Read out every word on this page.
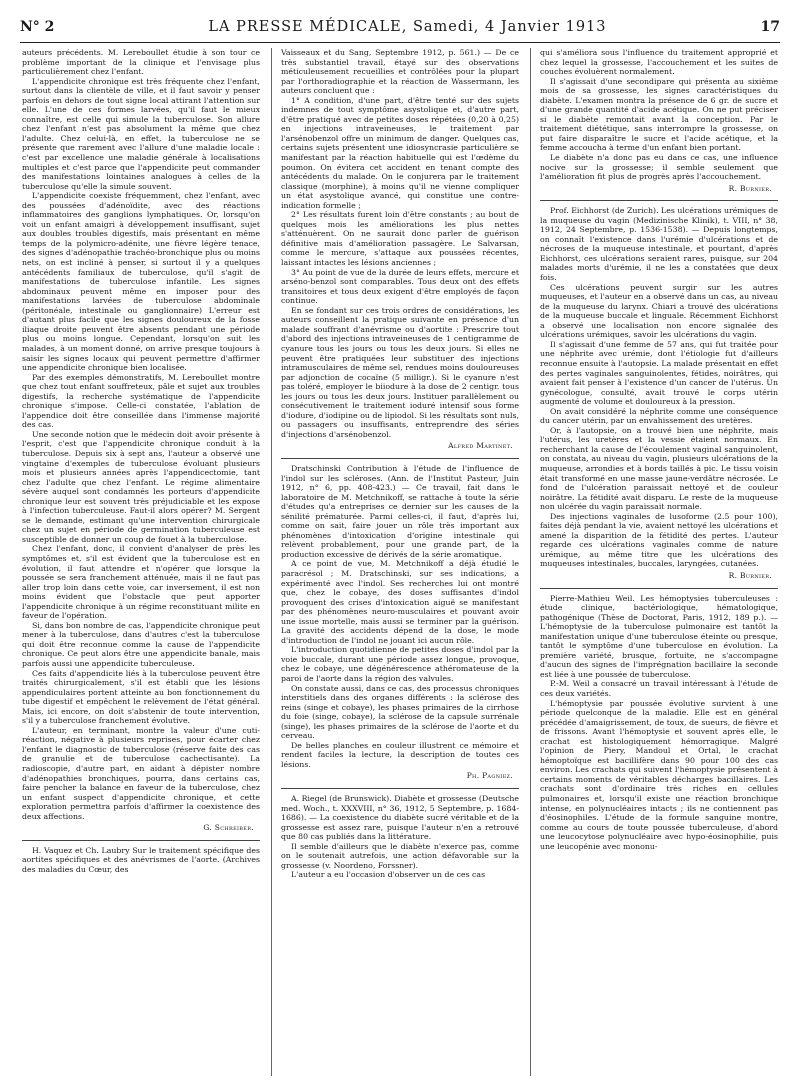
N° 2	LA PRESSE MÉDICALE, Samedi, 4 Janvier 1913	17

auteurs précédents. M. Lereboullet étudie à son tour ce problème important de la clinique et l'envisage plus particulièrement chez l'enfant.

L'appendicite chronique est très fréquente chez l'enfant, surtout dans la clientèle de ville, et il faut savoir y penser parfois en dehors de tout signe local attirant l'attention sur elle. L'une de ces formes larvées, qu'il faut le mieux connaître, est celle qui simule la tuberculose. Son allure chez l'enfant n'est pas absolument la même que chez l'adulte. Chez celui-là, en effet, la tuberculose ne se présente que rarement avec l'allure d'une maladie locale : c'est par excellence une maladie générale à localisations multiples et c'est parce que l'appendicite peut commander des manifestations lointaines analogues à celles de la tuberculose qu'elle la simule souvent.

L'appendicite coexiste fréquemment, chez l'enfant, avec des poussées d'adénoïdite, avec des réactions inflammatoires des ganglions lymphatiques. Or, lorsqu'on voit un enfant amaigri à développement insuffisant, sujet aux doubles troubles digestifs, mais présentant en même temps de la polymicro-adénite, une fièvre légère tenace, des signes d'adénopathie trachéo-bronchique plus ou moins nets, on est incliné à penser, si surtout il y a quelques antécédents familiaux de tuberculose, qu'il s'agit de manifestations de tuberculose infantile. Les signes abdominaux peuvent même en imposer pour des manifestations larvées de tuberculose abdominale (péritonéale, intestinale ou ganglionnaire) L'erreur est d'autant plus facile que les signes douloureux de la fosse iliaque droite peuvent être absents pendant une période plus ou moins longue. Cependant, lorsqu'on suit les malades, à un moment donné, on arrive presque toujours à saisir les signes locaux qui peuvent permettre d'affirmer une appendicite chronique bien localisée.

Par des exemples démonstratifs, M. Lereboullet montre que chez tout enfant souffreteux, pâle et sujet aux troubles digestifs, la recherche systématique de l'appendicite chronique s'impose. Celle-ci constatée, l'ablation de l'appendice doit être conseillée dans l'immense majorité des cas.

Une seconde notion que le médecin doit avoir présente à l'esprit, c'est que l'appendicite chronique conduit à la tuberculose. Depuis six à sept ans, l'auteur a observé une vingtaine d'exemples de tuberculose évoluant plusieurs mois et plusieurs années après l'appendicectomie, tant chez l'adulte que chez l'enfant. Le régime alimentaire sévère auquel sont condamnés les porteurs d'appendicite chronique leur est souvent très préjudiciable et les expose à l'infection tuberculeuse. Faut-il alors opérer? M. Sergent se le demande, estimant qu'une intervention chirurgicale chez un sujet en période de germination tuberculeuse est susceptible de donner un coup de fouet à la tuberculose.

Chez l'enfant, donc, il convient d'analyser de près les symptômes et, s'il est évident que la tuberculose est en évolution, il faut attendre et n'opérer que lorsque la poussée se sera franchement atténuée, mais il ne faut pas aller trop loin dans cette voie, car inversement, il est non moins évident que l'obstacle que peut apporter l'appendicite chronique à un régime reconstituant milite en faveur de l'opération.

Si, dans bon nombre de cas, l'appendicite chronique peut mener à la tuberculose, dans d'autres c'est la tuberculose qui doit être reconnue comme la cause de l'appendicite chronique. Ce peut alors être une appendicite banale, mais parfois aussi une appendicite tuberculeuse.

Ces faits d'appendicite liés à la tuberculose peuvent être traités chirurgicalement, s'il est établi que les lésions appendiculaires portent atteinte au bon fonctionnement du tube digestif et empêchent le relèvement de l'état général. Mais, ici encore, on doit s'abstenir de toute intervention, s'il y a tuberculose franchement évolutive.

L'auteur, en terminant, montre la valeur d'une cuti-réaction, négative à plusieurs reprises, pour écarter chez l'enfant le diagnostic de tuberculose (réserve faite des cas de granulie et de tuberculose cachectisante). La radioscopie, d'autre part, en aidant à dépister nombre d'adénopathies bronchiques, pourra, dans certains cas, faire pencher la balance en faveur de la tuberculose, chez un enfant suspect d'appendicite chronique, et cette exploration permettra parfois d'affirmer la coexistence des deux affections.

G. Schreiber.

H. Vaquez et Ch. Laubry Sur le traitement spécifique des aortites spécifiques et des anévrismes de l'aorte. (Archives des maladies du Cœur, des

Vaisseaux et du Sang, Septembre 1912, p. 561.) — De ce très substantiel travail, étayé sur des observations méticuleusement recueillies et contrôlées pour la plupart par l'orthoradiographie et la réaction de Wassermann, les auteurs concluent que :

1° A condition, d'une part, d'être tenté sur des sujets indemnes de tout symptôme asystolique et, d'autre part, d'être pratiqué avec de petites doses répétées (0,20 à 0,25) en injections intraveineuses, le traitement par l'arsénobenzol offre un minimum de danger. Quelques cas, certains sujets présentent une idiosyncrasie particulière se manifestant par la réaction habituelle qui est l'œdème du poumon. On évitera cet accident en tenant compte des antécédents du malade. On le conjurera par le traitement classique (morphine), à moins qu'il ne vienne compliquer un état asystolique avancé, qui constitue une contre-indication formelle ;

2° Les résultats furent loin d'être constants ; au bout de quelques mois les améliorations les plus nettes s'atténuèrent. On ne saurait donc parler de guérison définitive mais d'amélioration passagère. Le Salvarsan, comme le mercure, s'attaque aux poussées récentes, laissant intactes les lésions anciennes ;

3° Au point de vue de la durée de leurs effets, mercure et arséno-benzol sont comparables. Tous deux ont des effets transitoires et tous deux exigent d'être employés de façon continue.

En se fondant sur ces trois ordres de considérations, les auteurs conseillent la pratique suivante en présence d'un malade souffrant d'anévrisme ou d'aortite : Prescrire tout d'abord des injections intraveineuses de 1 centigramme de cyanure tous les jours ou tous les deux jours. Si elles ne peuvent être pratiquées leur substituer des injections intramusculaires de même sel, rendues moins douloureuses par adjonction de cocaïne (5 milligr.). Si le cyanure n'est pas toléré, employer le biiodure à la dose de 2 centigr. tous les jours ou tous les deux jours. Instituer parallèlement ou consécutivement le traitement ioduré intensif sous forme d'iodure, d'iodipine ou de lipiodol. Si les résultats sont nuls, ou passagers ou insuffisants, entreprendre des séries d'injections d'arsénobenzol.

Alfred Martinet.

Dratschinski Contribution à l'étude de l'influence de l'indol sur les scléroses. (Ann. de l'Institut Pasteur, Juin 1912, n° 6, pp. 408-423.) — Ce travail, fait dans le laboratoire de M. Metchnikoff, se rattache à toute la série d'études qu'a entreprises ce dernier sur les causes de la sénilité prématurée. Parmi celles-ci, il faut, d'après lui, comme on sait, faire jouer un rôle très important aux phénomènes d'intoxication d'origine intestinale qui relèvent probablement, pour une grande part, de la production excessive de dérivés de la série aromatique.

A ce point de vue, M. Metchnikoff a déjà étudié le paracrésol ; M. Dratschinski, sur ses indications, a expérimenté avec l'indol. Ses recherches lui ont montré que, chez le cobaye, des doses suffisantes d'indol provoquent des crises d'intoxication aiguë se manifestant par des phénomènes neuro-musculaires et pouvant avoir une issue mortelle, mais aussi se terminer par la guérison. La gravité des accidents dépend de la dose, le mode d'introduction de l'indol ne jouant ici aucun rôle.

L'introduction quotidienne de petites doses d'indol par la voie buccale, durant une période assez longue, provoque, chez le cobaye, une dégénérescence athéromateuse de la paroi de l'aorte dans la région des valvules.

On constate aussi, dans ce cas, des processus chroniques interstitiels dans des organes différents : la sclérose des reins (singe et cobaye), les phases primaires de la cirrhose du foie (singe, cobaye), la sclérose de la capsule surrénale (singe), les phases primaires de la sclérose de l'aorte et du cerveau.

De belles planches en couleur illustrent ce mémoire et rendent faciles la lecture, la description de toutes ces lésions.

Ph. Pagniez.

A. Riegel (de Brunswick). Diabète et grossesse (Deutsche med. Woch., t. XXXVIII, n° 36, 1912, 5 Septembre, p. 1684-1686). — La coexistence du diabète sucré véritable et de la grossesse est assez rare, puisque l'auteur n'en a retrouvé que 80 cas publiés dans la littérature.

Il semble d'ailleurs que le diabète n'exerce pas, comme on le soutenait autrefois, une action défavorable sur la grossesse (v. Noordeno, Forssner).

L'auteur a eu l'occasion d'observer un de ces cas

qui s'améliora sous l'influence du traitement approprié et chez lequel la grossesse, l'accouchement et les suites de couches évoluèrent normalement.

Il s'agissait d'une secondipare qui présenta au sixième mois de sa grossesse, les signes caractéristiques du diabète. L'examen montra la présence de 6 gr. de sucre et d'une grande quantité d'acide acétique. On ne put préciser si le diabète remontait avant la conception. Par le traitement diététique, sans interrompre la grossesse, on put faire disparaître le sucre et l'acide acétique, et la femme accoucha à terme d'un enfant bien portant.

Le diabète n'a donc pas eu dans ce cas, une influence nocive sur la grossesse; il semble seulement que l'amélioration fit plus de progrès après l'accouchement.

R. Burnier.

Prof. Eichhorst (de Zurich). Les ulcérations urémiques de la muqueuse du vagin (Medizinische Klinik), t. VIII, n° 38, 1912, 24 Septembre, p. 1536-1538). — Depuis longtemps, on connaît l'existence dans l'urémie d'ulcérations et de nécroses de la muqueuse intestinale, et pourtant, d'après Eichhorst, ces ulcérations seraient rares, puisque, sur 204 malades morts d'urémie, il ne les a constatées que deux fois.

Ces ulcérations peuvent surgir sur les autres muqueuses, et l'auteur en a observé dans un cas, au niveau de la muqueuse du larynx. Chiari a trouvé des ulcérations de la muqueuse buccale et linguale. Récemment Eichhorst a observé une localisation non encore signalée des ulcérations urémiques, savoir les ulcérations du vagin.

Il s'agissait d'une femme de 57 ans, qui fut traitée pour une néphrite avec urémie, dont l'étiologie fut d'ailleurs reconnue ensuite à l'autopsie. La malade présentait en effet des pertes vaginales sanguinolentes, fétides, noirâtres, qui avaient fait penser à l'existence d'un cancer de l'utérus. Un gynécologue, consulté, avait trouvé le corps utérin augmenté de volume et douloureux à la pression.

On avait considéré la néphrite comme une conséquence du cancer utérin, par un envahissement des uretères.

Or, à l'autopsie, on a trouvé bien une néphrite, mais l'utérus, les uretères et la vessie étaient normaux. En recherchant la cause de l'écoulement vaginal sanguinolent, on constata, au niveau du vagin, plusieurs ulcérations de la muqueuse, arrondies et à bords taillés à pic. Le tissu voisin était transformé en une masse jaune-verdâtre nécrosée. Le fond de l'ulcération paraissait nettoyé et de couleur noirâtre. La fétidité avait disparu. Le reste de la muqueuse non ulcérée du vagin paraissait normale.

Des injections vaginales de lusoforme (2.5 pour 100), faites déjà pendant la vie, avaient nettoyé les ulcérations et amené la disparition de la fétidité des pertes. L'auteur regarde ces ulcérations vaginales comme de nature urémique, au même titre que les ulcérations des muqueuses intestinales, buccales, laryngées, cutanées.

R. Burnier.

Pierre-Mathieu Weil. Les hémoptysies tuberculeuses : étude clinique, bactériologique, hématologique, pathogénique (Thèse de Doctorat, Paris, 1912, 189 p.). — L'hémoptysie de la tuberculose pulmonaire est tantôt la manifestation unique d'une tuberculose éteinte ou presque, tantôt le symptôme d'une tuberculose en évolution. La première variété, brusque, fortuite, ne s'accompagne d'aucun des signes de l'imprégnation bacillaire la seconde est liée à une poussée de tuberculose.

P.-M. Weil a consacré un travail intéressant à l'étude de ces deux variétés.

L'hémoptysie par poussée évolutive survient à une période quelconque de la maladie. Elle est en général précédée d'amaigrissement, de toux, de sueurs, de fièvre et de frissons. Avant l'hémoptysie et souvent après elle, le crachat est histologiquement hémorragique. Malgré l'opinion de Piery, Mandoul et Ortal, le crachat hémoptoïque est bacillifère dans 90 pour 100 des cas environ. Les crachats qui suivent l'hémoptysie présentent à certains moments de véritables décharges bacillaires. Les crachats sont d'ordinaire très riches en cellules pulmonaires et, lorsqu'il existe une réaction bronchique intense, en polynucléaires intacts ; ils ne contiennent pas d'éosinophiles. L'étude de la formule sanguine montre, comme au cours de toute poussée tuberculeuse, d'abord une leucocytose polynucléaire avec hypo-éosinophilie, puis une leucopénie avec mononu-
